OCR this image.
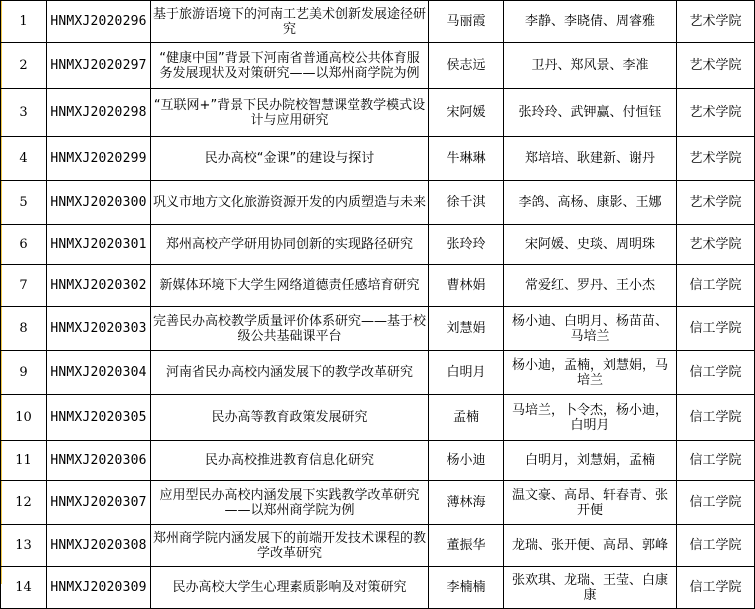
1	HNMXJ2020296	基于旅游语境下的河南工艺美术创新发展途径研究	马丽霞	李静、李晓倩、周睿雅	艺术学院

2	HNMXJ2020297	“健康中国”背景下河南省普通高校公共体育服务发展现状及对策研究——以郑州商学院为例	侯志远	卫丹、郑风景、李准	艺术学院

3	HNMXJ2020298	“互联网+”背景下民办院校智慧课堂教学模式设计与应用研究	宋阿媛	张玲玲、武钾赢、付恒钰	艺术学院

4	HNMXJ2020299	民办高校“金课”的建设与探讨	牛琳琳	郑培培、耿建新、谢丹	艺术学院

5	HNMXJ2020300	巩义市地方文化旅游资源开发的内质塑造与未来	徐千淇	李鸽、高杨、康影、王娜	艺术学院

6	HNMXJ2020301	郑州高校产学研用协同创新的实现路径研究	张玲玲	宋阿媛、史琰、周明珠	艺术学院

7	HNMXJ2020302	新媒体环境下大学生网络道德责任感培育研究	曹林娟	常爱红、罗丹、王小杰	信工学院

8	HNMXJ2020303	完善民办高校教学质量评价体系研究——基于校级公共基础课平台	刘慧娟	杨小迪、白明月、杨苗苗、马培兰	信工学院

9	HNMXJ2020304	河南省民办高校内涵发展下的教学改革研究	白明月	杨小迪，孟楠，刘慧娟，马培兰	信工学院

10	HNMXJ2020305	民办高等教育政策发展研究	孟楠	马培兰，卜令杰，杨小迪，白明月	信工学院

11	HNMXJ2020306	民办高校推进教育信息化研究	杨小迪	白明月，刘慧娟，孟楠	信工学院

12	HNMXJ2020307	应用型民办高校内涵发展下实践教学改革研究——以郑州商学院为例	薄林海	温文豪、高昂、轩春青、张开便	信工学院

13	HNMXJ2020308	郑州商学院内涵发展下的前端开发技术课程的教学改革研究	董振华	龙瑞、张开便、高昂、郭峰	信工学院

14	HNMXJ2020309	民办高校大学生心理素质影响及对策研究	李楠楠	张欢琪、龙瑞、王莹、白康康	信工学院
